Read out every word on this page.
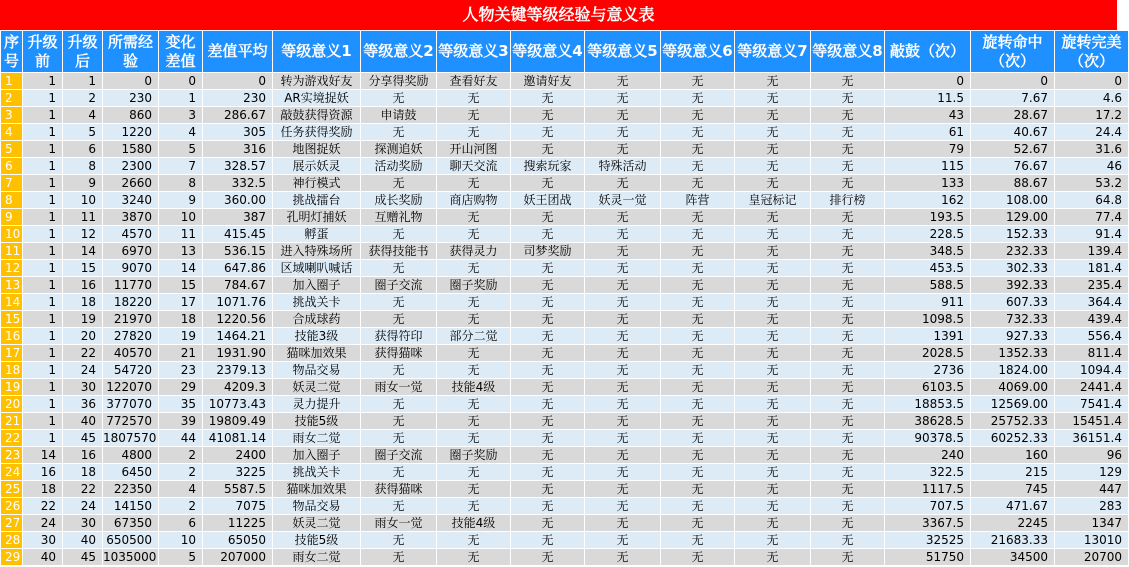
人物关键等级经验与意义表
序号	升级前	升级后	所需经验	变化差值	差值平均	等级意义1	等级意义2	等级意义3	等级意义4	等级意义5	等级意义6	等级意义7	等级意义8	敲鼓（次）	旋转命中（次）	旋转完美（次）
1	1	1	0	0	0	转为游戏好友	分享得奖励	查看好友	邀请好友	无	无	无	无	0	0	0
2	1	2	230	1	230	AR实境捉妖	无	无	无	无	无	无	无	11.5	7.67	4.6
3	1	4	860	3	286.67	敲鼓获得资源	申请鼓	无	无	无	无	无	无	43	28.67	17.2
4	1	5	1220	4	305	任务获得奖励	无	无	无	无	无	无	无	61	40.67	24.4
5	1	6	1580	5	316	地图捉妖	探测追妖	开山河图	无	无	无	无	无	79	52.67	31.6
6	1	8	2300	7	328.57	展示妖灵	活动奖励	聊天交流	搜索玩家	特殊活动	无	无	无	115	76.67	46
7	1	9	2660	8	332.5	神行模式	无	无	无	无	无	无	无	133	88.67	53.2
8	1	10	3240	9	360.00	挑战擂台	成长奖励	商店购物	妖王团战	妖灵一觉	阵营	皇冠标记	排行榜	162	108.00	64.8
9	1	11	3870	10	387	孔明灯捕妖	互赠礼物	无	无	无	无	无	无	193.5	129.00	77.4
10	1	12	4570	11	415.45	孵蛋	无	无	无	无	无	无	无	228.5	152.33	91.4
11	1	14	6970	13	536.15	进入特殊场所	获得技能书	获得灵力	司梦奖励	无	无	无	无	348.5	232.33	139.4
12	1	15	9070	14	647.86	区域喇叭喊话	无	无	无	无	无	无	无	453.5	302.33	181.4
13	1	16	11770	15	784.67	加入圈子	圈子交流	圈子奖励	无	无	无	无	无	588.5	392.33	235.4
14	1	18	18220	17	1071.76	挑战关卡	无	无	无	无	无	无	无	911	607.33	364.4
15	1	19	21970	18	1220.56	合成球药	无	无	无	无	无	无	无	1098.5	732.33	439.4
16	1	20	27820	19	1464.21	技能3级	获得符印	部分二觉	无	无	无	无	无	1391	927.33	556.4
17	1	22	40570	21	1931.90	猫咪加效果	获得猫咪	无	无	无	无	无	无	2028.5	1352.33	811.4
18	1	24	54720	23	2379.13	物品交易	无	无	无	无	无	无	无	2736	1824.00	1094.4
19	1	30	122070	29	4209.3	妖灵二觉	雨女一觉	技能4级	无	无	无	无	无	6103.5	4069.00	2441.4
20	1	36	377070	35	10773.43	灵力提升	无	无	无	无	无	无	无	18853.5	12569.00	7541.4
21	1	40	772570	39	19809.49	技能5级	无	无	无	无	无	无	无	38628.5	25752.33	15451.4
22	1	45	1807570	44	41081.14	雨女二觉	无	无	无	无	无	无	无	90378.5	60252.33	36151.4
23	14	16	4800	2	2400	加入圈子	圈子交流	圈子奖励	无	无	无	无	无	240	160	96
24	16	18	6450	2	3225	挑战关卡	无	无	无	无	无	无	无	322.5	215	129
25	18	22	22350	4	5587.5	猫咪加效果	获得猫咪	无	无	无	无	无	无	1117.5	745	447
26	22	24	14150	2	7075	物品交易	无	无	无	无	无	无	无	707.5	471.67	283
27	24	30	67350	6	11225	妖灵二觉	雨女一觉	技能4级	无	无	无	无	无	3367.5	2245	1347
28	30	40	650500	10	65050	技能5级	无	无	无	无	无	无	无	32525	21683.33	13010
29	40	45	1035000	5	207000	雨女二觉	无	无	无	无	无	无	无	51750	34500	20700
